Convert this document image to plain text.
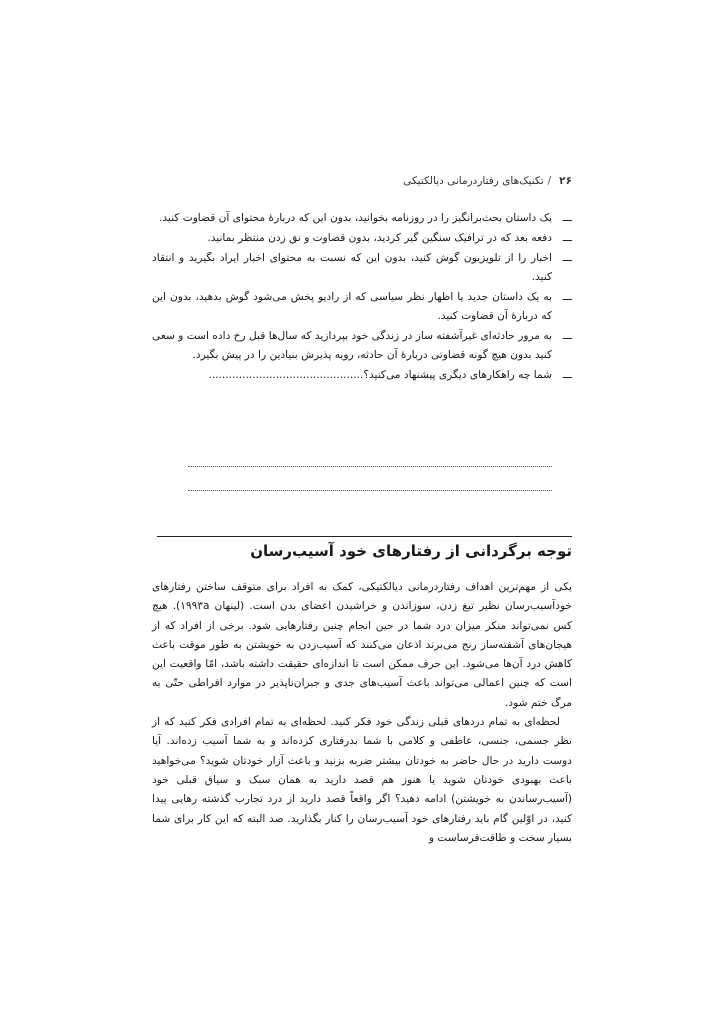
۲۶/تکنیک‌های رفتاردرمانی دیالکتیکی
ـــ
یک داستان بحث‌برانگیز را در روزنامه بخوانید، بدون این که دربارهٔ محتوای آن قضاوت کنید.
ـــ
دفعه بعد که در ترافیک سنگین گیر کردید، بدون قضاوت و نق زدن منتظر بمانید.
ـــ
اخبار را از تلویزیون گوش کنید، بدون این که نسبت به محتوای اخبار ایراد بگیرید و انتقاد کنید.
ـــ
به یک داستان جدید یا اظهار نظر سیاسی که از رادیو پخش می‌شود گوش بدهید، بدون این که دربارهٔ آن قضاوت کنید.
ـــ
به مرور حادثه‌ای غیرآشفته ساز در زندگی خود بپردازید که سال‌ها قبل رخ داده است و سعی کنید بدون هیچ گونه قضاوتی دربارهٔ آن حادثه، رویه پذیرش بنیادین را در پیش بگیرد.
ـــ
شما چه راهکارهای دیگری پیشنهاد می‌کنید؟..............................................
توجه برگردانی از رفتارهای خود آسیب‌رسان

یکی از مهم‌ترین اهداف رفتاردرمانی دیالکتیکی، کمک به افراد برای متوقف ساختن رفتارهای خودآسیب‌رسان نظیر تیغ زدن، سوزاندن و خراشیدن اعضای بدن است. (لینهان ۱۹۹۳a). هیچ کس نمی‌تواند منکر میزان درد شما در حین انجام چنین رفتارهایی شود. برخی از افراد که از هیجان‌های آشفته‌ساز رنج می‌برند اذعان می‌کنند که آسیب‌زدن به خویشتن به طور موقت باعث کاهش درد آن‌ها می‌شود. این حرف ممکن است تا اندازه‌ای حقیقت داشته باشد، امّا واقعیت این است که چنین اعمالی می‌تواند باعث آسیب‌های جدی و جبران‌ناپذیر در موارد افراطی حتّی به مرگ ختم شود.

لحظه‌ای به تمام دردهای قبلی زندگی خود فکر کنید. لحظه‌ای به تمام افرادی فکر کنید که از نظر جسمی، جنسی، عاطفی و کلامی با شما بدرفتاری کرده‌اند و به شما آسیب زده‌اند. آیا دوست دارید در حال حاضر به خودتان بیشتر ضربه بزنید و باعث آزار خودتان شوید؟ می‌خواهید باعث بهبودی خودتان شوید یا هنوز هم قصد دارید به همان سبک و سیاق قبلی خود (آسیب‌رساندن به خویشتن) ادامه دهید؟ اگر واقعاً قصد دارید از درد تجارب گذشته رهایی پیدا کنید، در اوّلین گام باید رفتارهای خود آسیب‌رسان را کنار بگذارید. صد البته که این کار برای شما بسیار سخت و طاقت‌فرساست و
